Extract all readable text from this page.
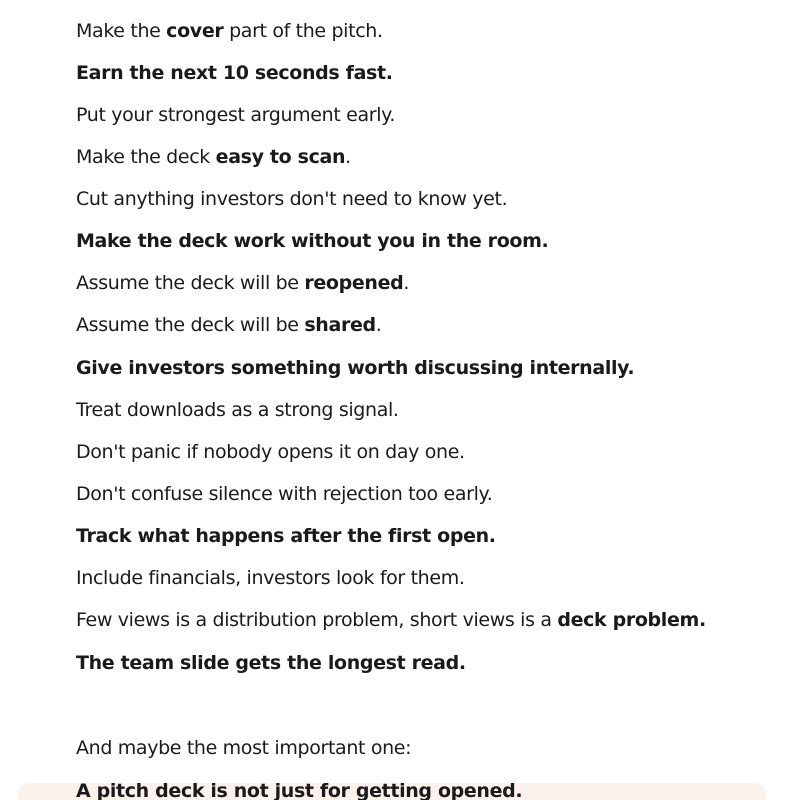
Make the cover part of the pitch.
Earn the next 10 seconds fast.
Put your strongest argument early.
Make the deck easy to scan.
Cut anything investors don't need to know yet.
Make the deck work without you in the room.
Assume the deck will be reopened.
Assume the deck will be shared.
Give investors something worth discussing internally.
Treat downloads as a strong signal.
Don't panic if nobody opens it on day one.
Don't confuse silence with rejection too early.
Track what happens after the first open.
Include financials, investors look for them.
Few views is a distribution problem, short views is a deck problem.
The team slide gets the longest read.
And maybe the most important one:
A pitch deck is not just for getting opened.
